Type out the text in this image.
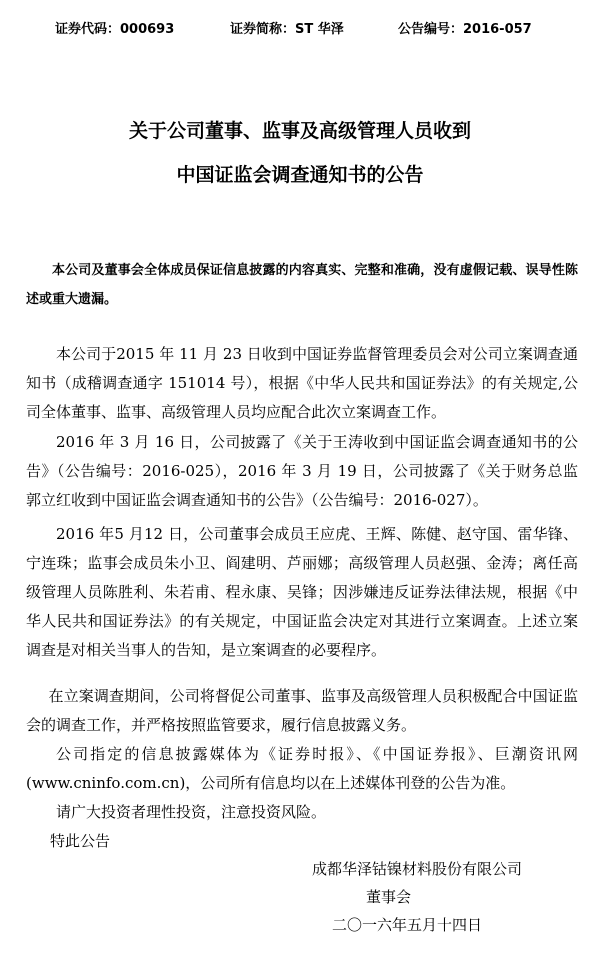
证券代码：000693	证券简称：ST 华泽	公告编号：2016-057
关于公司董事、监事及高级管理人员收到
中国证监会调查通知书的公告

本公司及董事会全体成员保证信息披露的内容真实、完整和准确，没有虚假记载、误导性陈述或重大遗漏。

本公司于2015 年 11 月 23 日收到中国证券监督管理委员会对公司立案调查通知书（成稽调查通字 151014 号），根据《中华人民共和国证券法》的有关规定,公司全体董事、监事、高级管理人员均应配合此次立案调查工作。

2016 年 3 月 16 日，公司披露了《关于王涛收到中国证监会调查通知书的公告》（公告编号：2016-025），2016 年 3 月 19 日，公司披露了《关于财务总监郭立红收到中国证监会调查通知书的公告》（公告编号：2016-027）。

2016 年5 月12 日，公司董事会成员王应虎、王辉、陈健、赵守国、雷华锋、宁连珠；监事会成员朱小卫、阎建明、芦丽娜；高级管理人员赵强、金涛；离任高级管理人员陈胜利、朱若甫、程永康、吴锋；因涉嫌违反证券法律法规，根据《中华人民共和国证券法》的有关规定，中国证监会决定对其进行立案调查。上述立案调查是对相关当事人的告知，是立案调查的必要程序。

在立案调查期间，公司将督促公司董事、监事及高级管理人员积极配合中国证监会的调查工作，并严格按照监管要求，履行信息披露义务。

公司指定的信息披露媒体为《证券时报》、《中国证券报》、巨潮资讯网(www.cninfo.com.cn)，公司所有信息均以在上述媒体刊登的公告为准。

请广大投资者理性投资，注意投资风险。

特此公告

成都华泽钴镍材料股份有限公司
董事会
二〇一六年五月十四日
